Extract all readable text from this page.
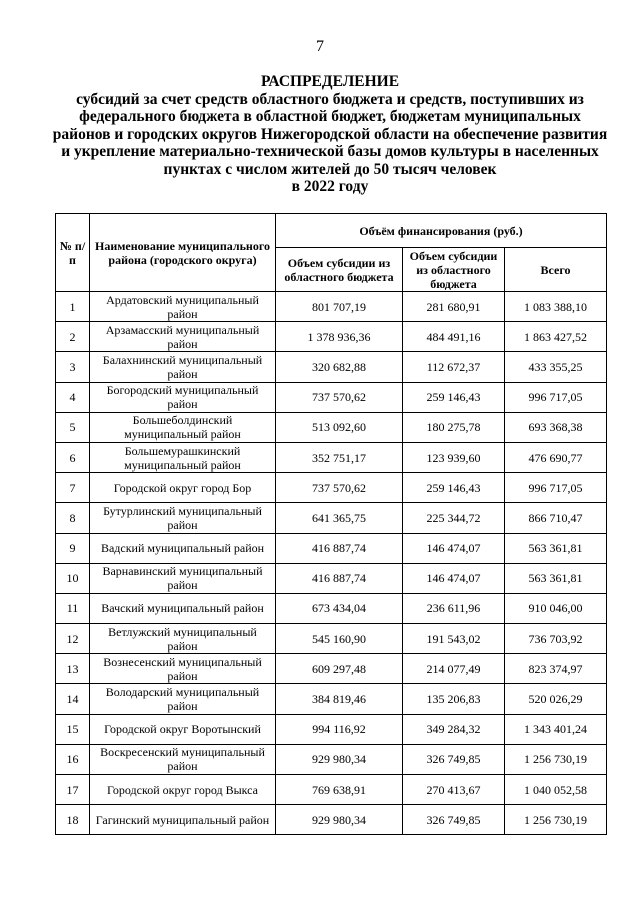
7
РАСПРЕДЕЛЕНИЕ
субсидий за счет средств областного бюджета и средств, поступивших из
федерального бюджета в областной бюджет, бюджетам муниципальных
районов и городских округов Нижегородской области на обеспечение развития
и укрепление материально-технической базы домов культуры в населенных
пунктах с числом жителей до 50 тысяч человек
в 2022 году
№ п/п	Наименование муниципального района (городского округа)	Объём финансирования (руб.)		
		Объем субсидии из областного бюджета	Объем субсидии из областного бюджета	Всего
1	Ардатовский муниципальный район	801 707,19	281 680,91	1 083 388,10
2	Арзамасский муниципальный район	1 378 936,36	484 491,16	1 863 427,52
3	Балахнинский муниципальный район	320 682,88	112 672,37	433 355,25
4	Богородский муниципальный район	737 570,62	259 146,43	996 717,05
5	Большеболдинский муниципальный район	513 092,60	180 275,78	693 368,38
6	Большемурашкинский муниципальный район	352 751,17	123 939,60	476 690,77
7	Городской округ город Бор	737 570,62	259 146,43	996 717,05
8	Бутурлинский муниципальный район	641 365,75	225 344,72	866 710,47
9	Вадский муниципальный район	416 887,74	146 474,07	563 361,81
10	Варнавинский муниципальный район	416 887,74	146 474,07	563 361,81
11	Вачский муниципальный район	673 434,04	236 611,96	910 046,00
12	Ветлужский муниципальный район	545 160,90	191 543,02	736 703,92
13	Вознесенский муниципальный район	609 297,48	214 077,49	823 374,97
14	Володарский муниципальный район	384 819,46	135 206,83	520 026,29
15	Городской округ Воротынский	994 116,92	349 284,32	1 343 401,24
16	Воскресенский муниципальный район	929 980,34	326 749,85	1 256 730,19
17	Городской округ город Выкса	769 638,91	270 413,67	1 040 052,58
18	Гагинский муниципальный район	929 980,34	326 749,85	1 256 730,19
